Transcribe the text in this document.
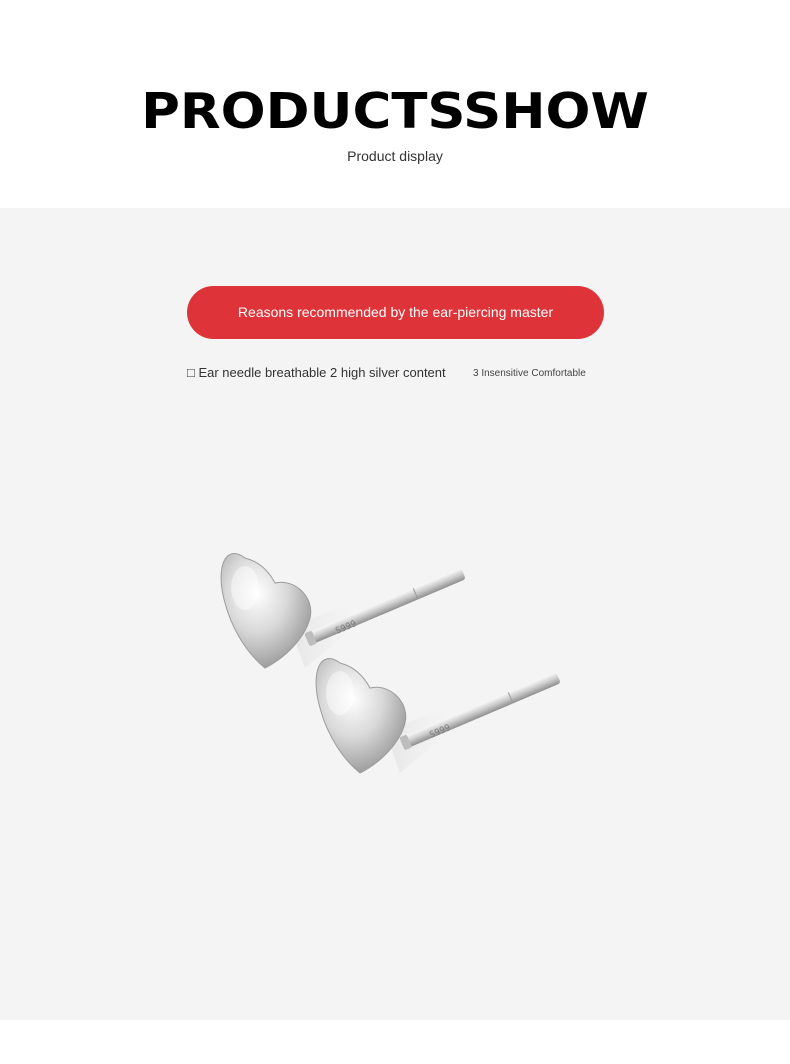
PRODUCTSSHOW
Product display
Reasons recommended by the ear-piercing master
□ Ear needle breathable 2 high silver content	3 Insensitive Comfortable
S999
S999
